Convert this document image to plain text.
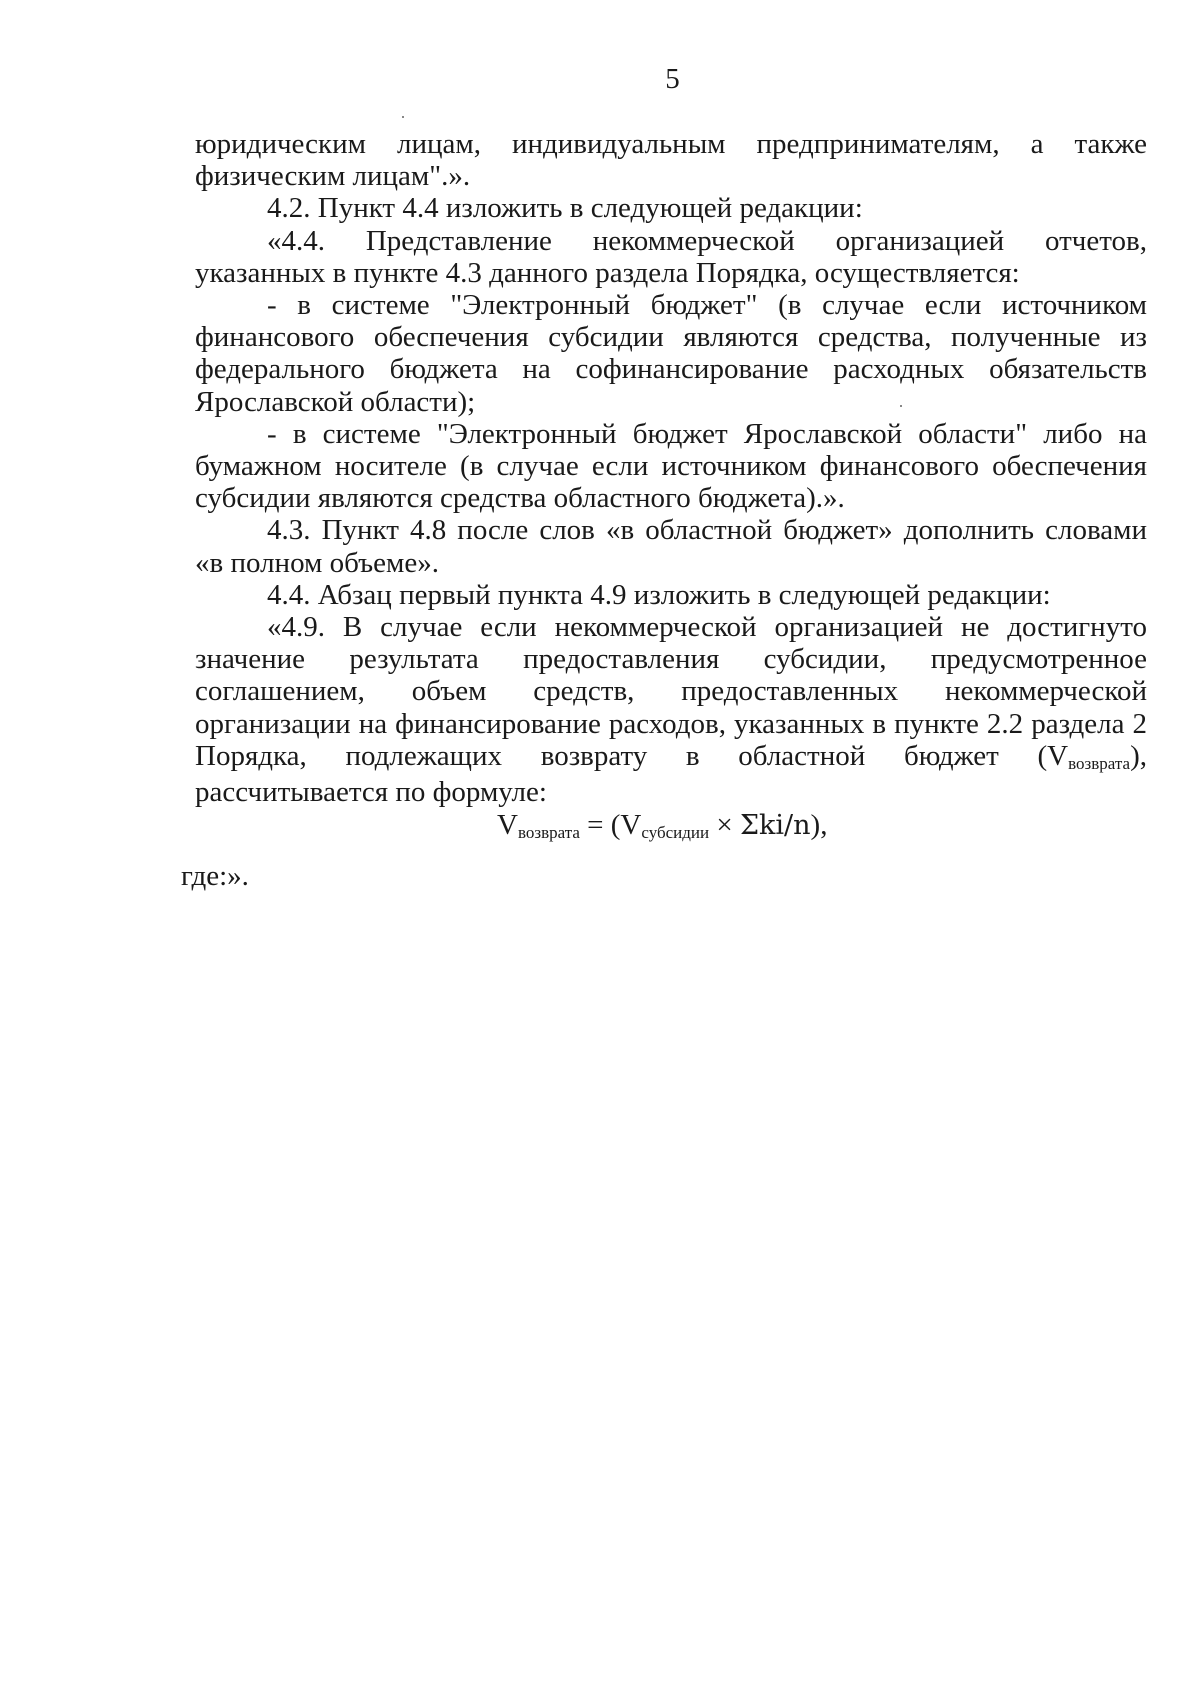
5

юридическим лицам, индивидуальным предпринимателям, а также физическим лицам".».

4.2. Пункт 4.4 изложить в следующей редакции:

«4.4. Представление некоммерческой организацией отчетов, указанных в пункте 4.3 данного раздела Порядка, осуществляется:

- в системе "Электронный бюджет" (в случае если источником финансового обеспечения субсидии являются средства, полученные из федерального бюджета на софинансирование расходных обязательств Ярославской области);

- в системе "Электронный бюджет Ярославской области" либо на бумажном носителе (в случае если источником финансового обеспечения субсидии являются средства областного бюджета).».

4.3. Пункт 4.8 после слов «в областной бюджет» дополнить словами «в полном объеме».

4.4. Абзац первый пункта 4.9 изложить в следующей редакции:

«4.9. В случае если некоммерческой организацией не достигнуто значение результата предоставления субсидии, предусмотренное соглашением, объем средств, предоставленных некоммерческой организации на финансирование расходов, указанных в пункте 2.2 раздела 2 Порядка, подлежащих возврату в областной бюджет $(V_{возврата})$, рассчитывается по формуле:

$V_{возврата} = (V_{субсидии} \times \Sigma ki/n)$,

где:».
